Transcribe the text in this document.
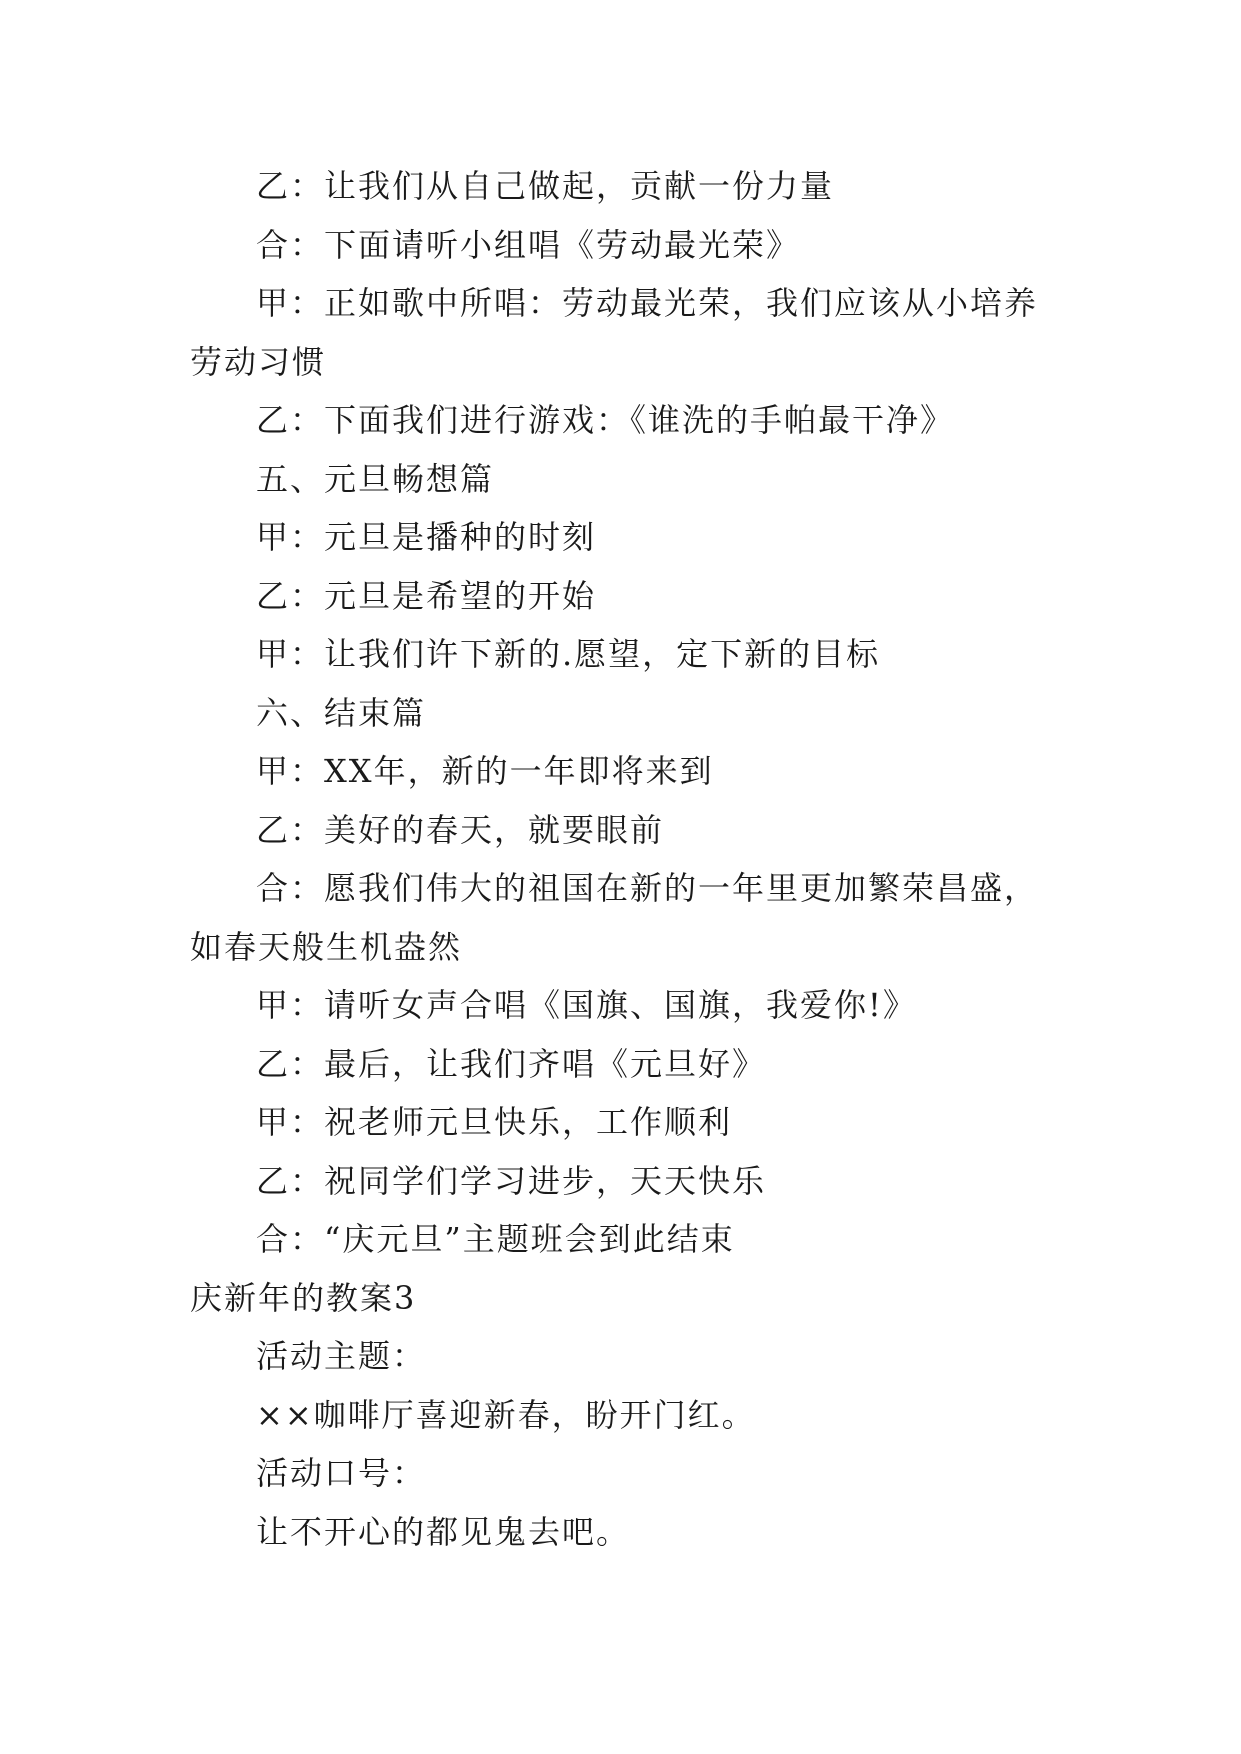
乙：让我们从自己做起，贡献一份力量

合：下面请听小组唱《劳动最光荣》

甲：正如歌中所唱：劳动最光荣，我们应该从小培养劳动习惯

乙：下面我们进行游戏：《谁洗的手帕最干净》

五、元旦畅想篇

甲：元旦是播种的时刻

乙：元旦是希望的开始

甲：让我们许下新的.愿望，定下新的目标

六、结束篇

甲：XX年，新的一年即将来到

乙：美好的春天，就要眼前

合：愿我们伟大的祖国在新的一年里更加繁荣昌盛，如春天般生机盎然

甲：请听女声合唱《国旗、国旗，我爱你!》

乙：最后，让我们齐唱《元旦好》

甲：祝老师元旦快乐，工作顺利

乙：祝同学们学习进步，天天快乐

合：“庆元旦”主题班会到此结束

庆新年的教案3

活动主题：

××咖啡厅喜迎新春，盼开门红。

活动口号：

让不开心的都见鬼去吧。
